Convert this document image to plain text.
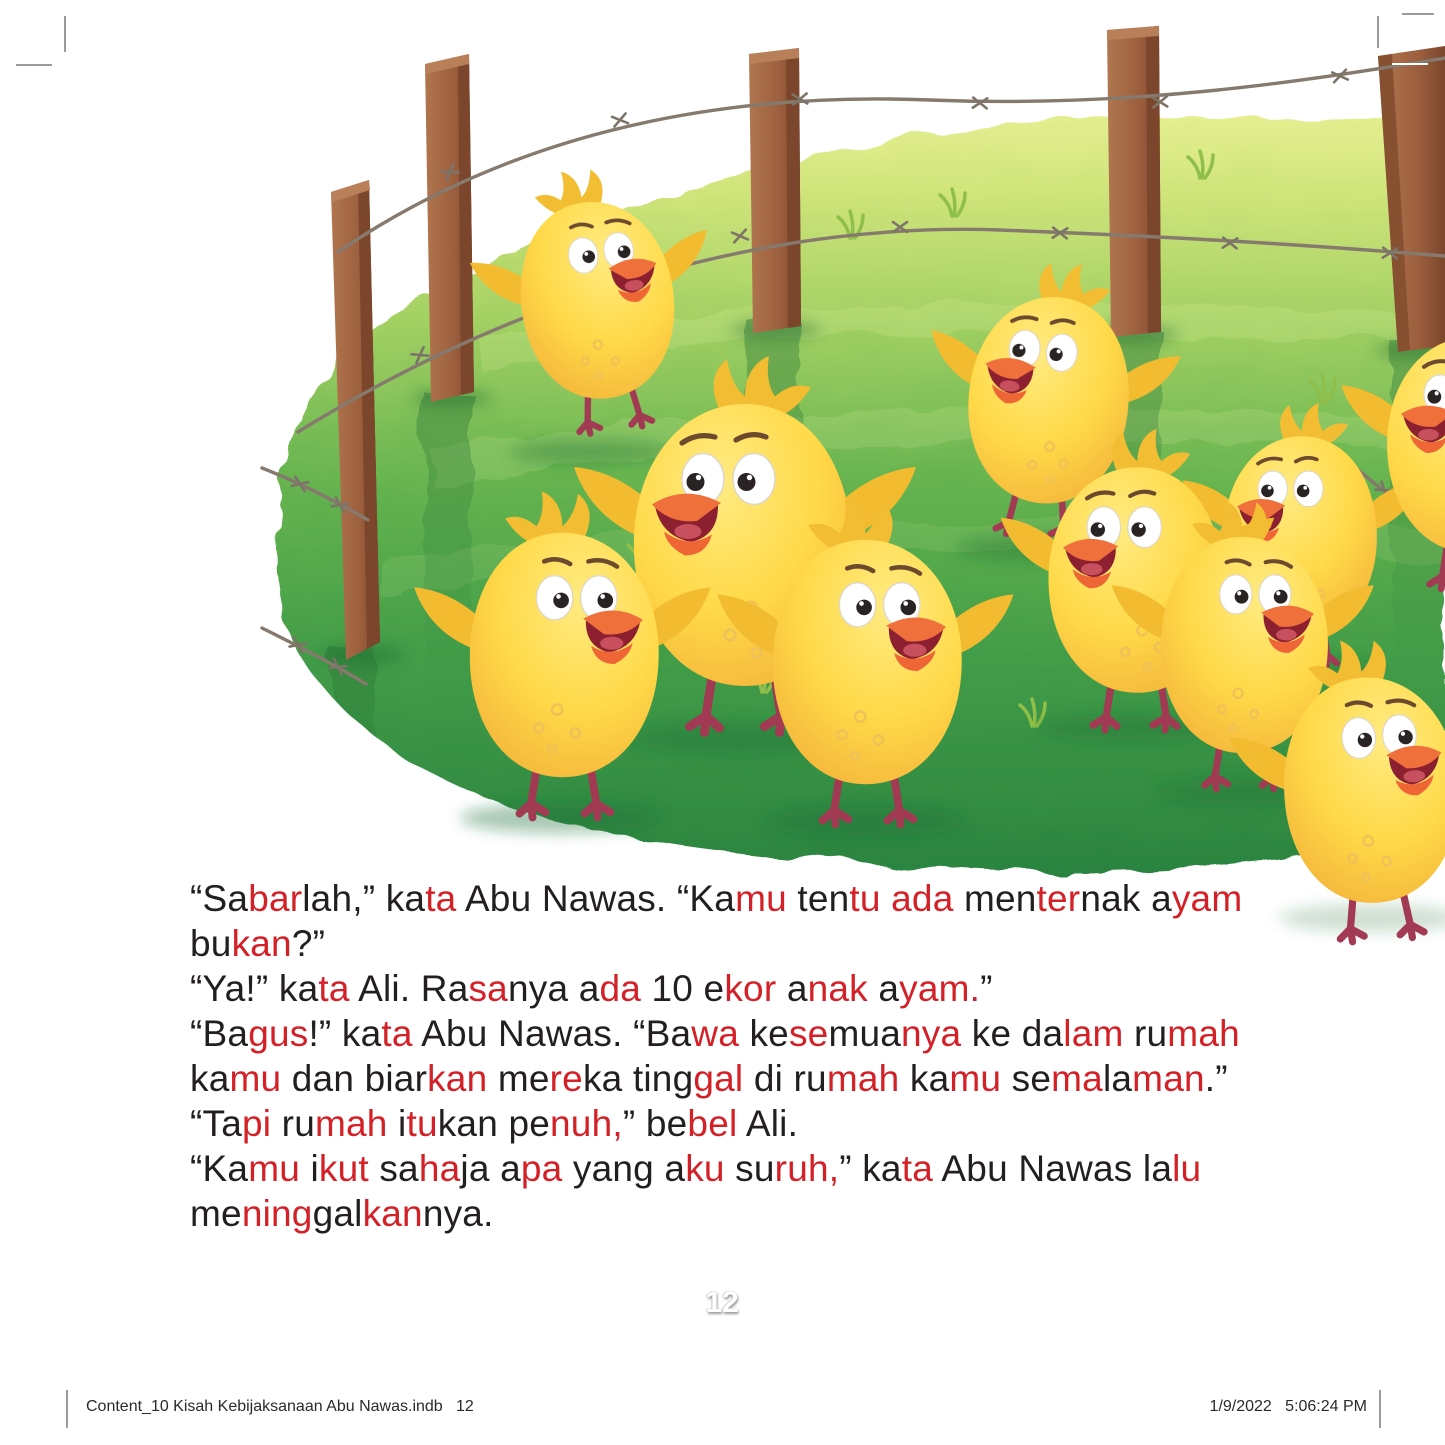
“Sabarlah,” kata Abu Nawas. “Kamu tentu ada menternak ayam
bukan?”
“Ya!” kata Ali. Rasanya ada 10 ekor anak ayam.”
“Bagus!” kata Abu Nawas. “Bawa kesemuanya ke dalam rumah
kamu dan biarkan mereka tinggal di rumah kamu semalaman.”
“Tapi rumah itukan penuh,” bebel Ali.
“Kamu ikut sahaja apa yang aku suruh,” kata Abu Nawas lalu
meninggalkannya.
12
Content_10 Kisah Kebijaksanaan Abu Nawas.indb   12	1/9/2022   5:06:24 PM
